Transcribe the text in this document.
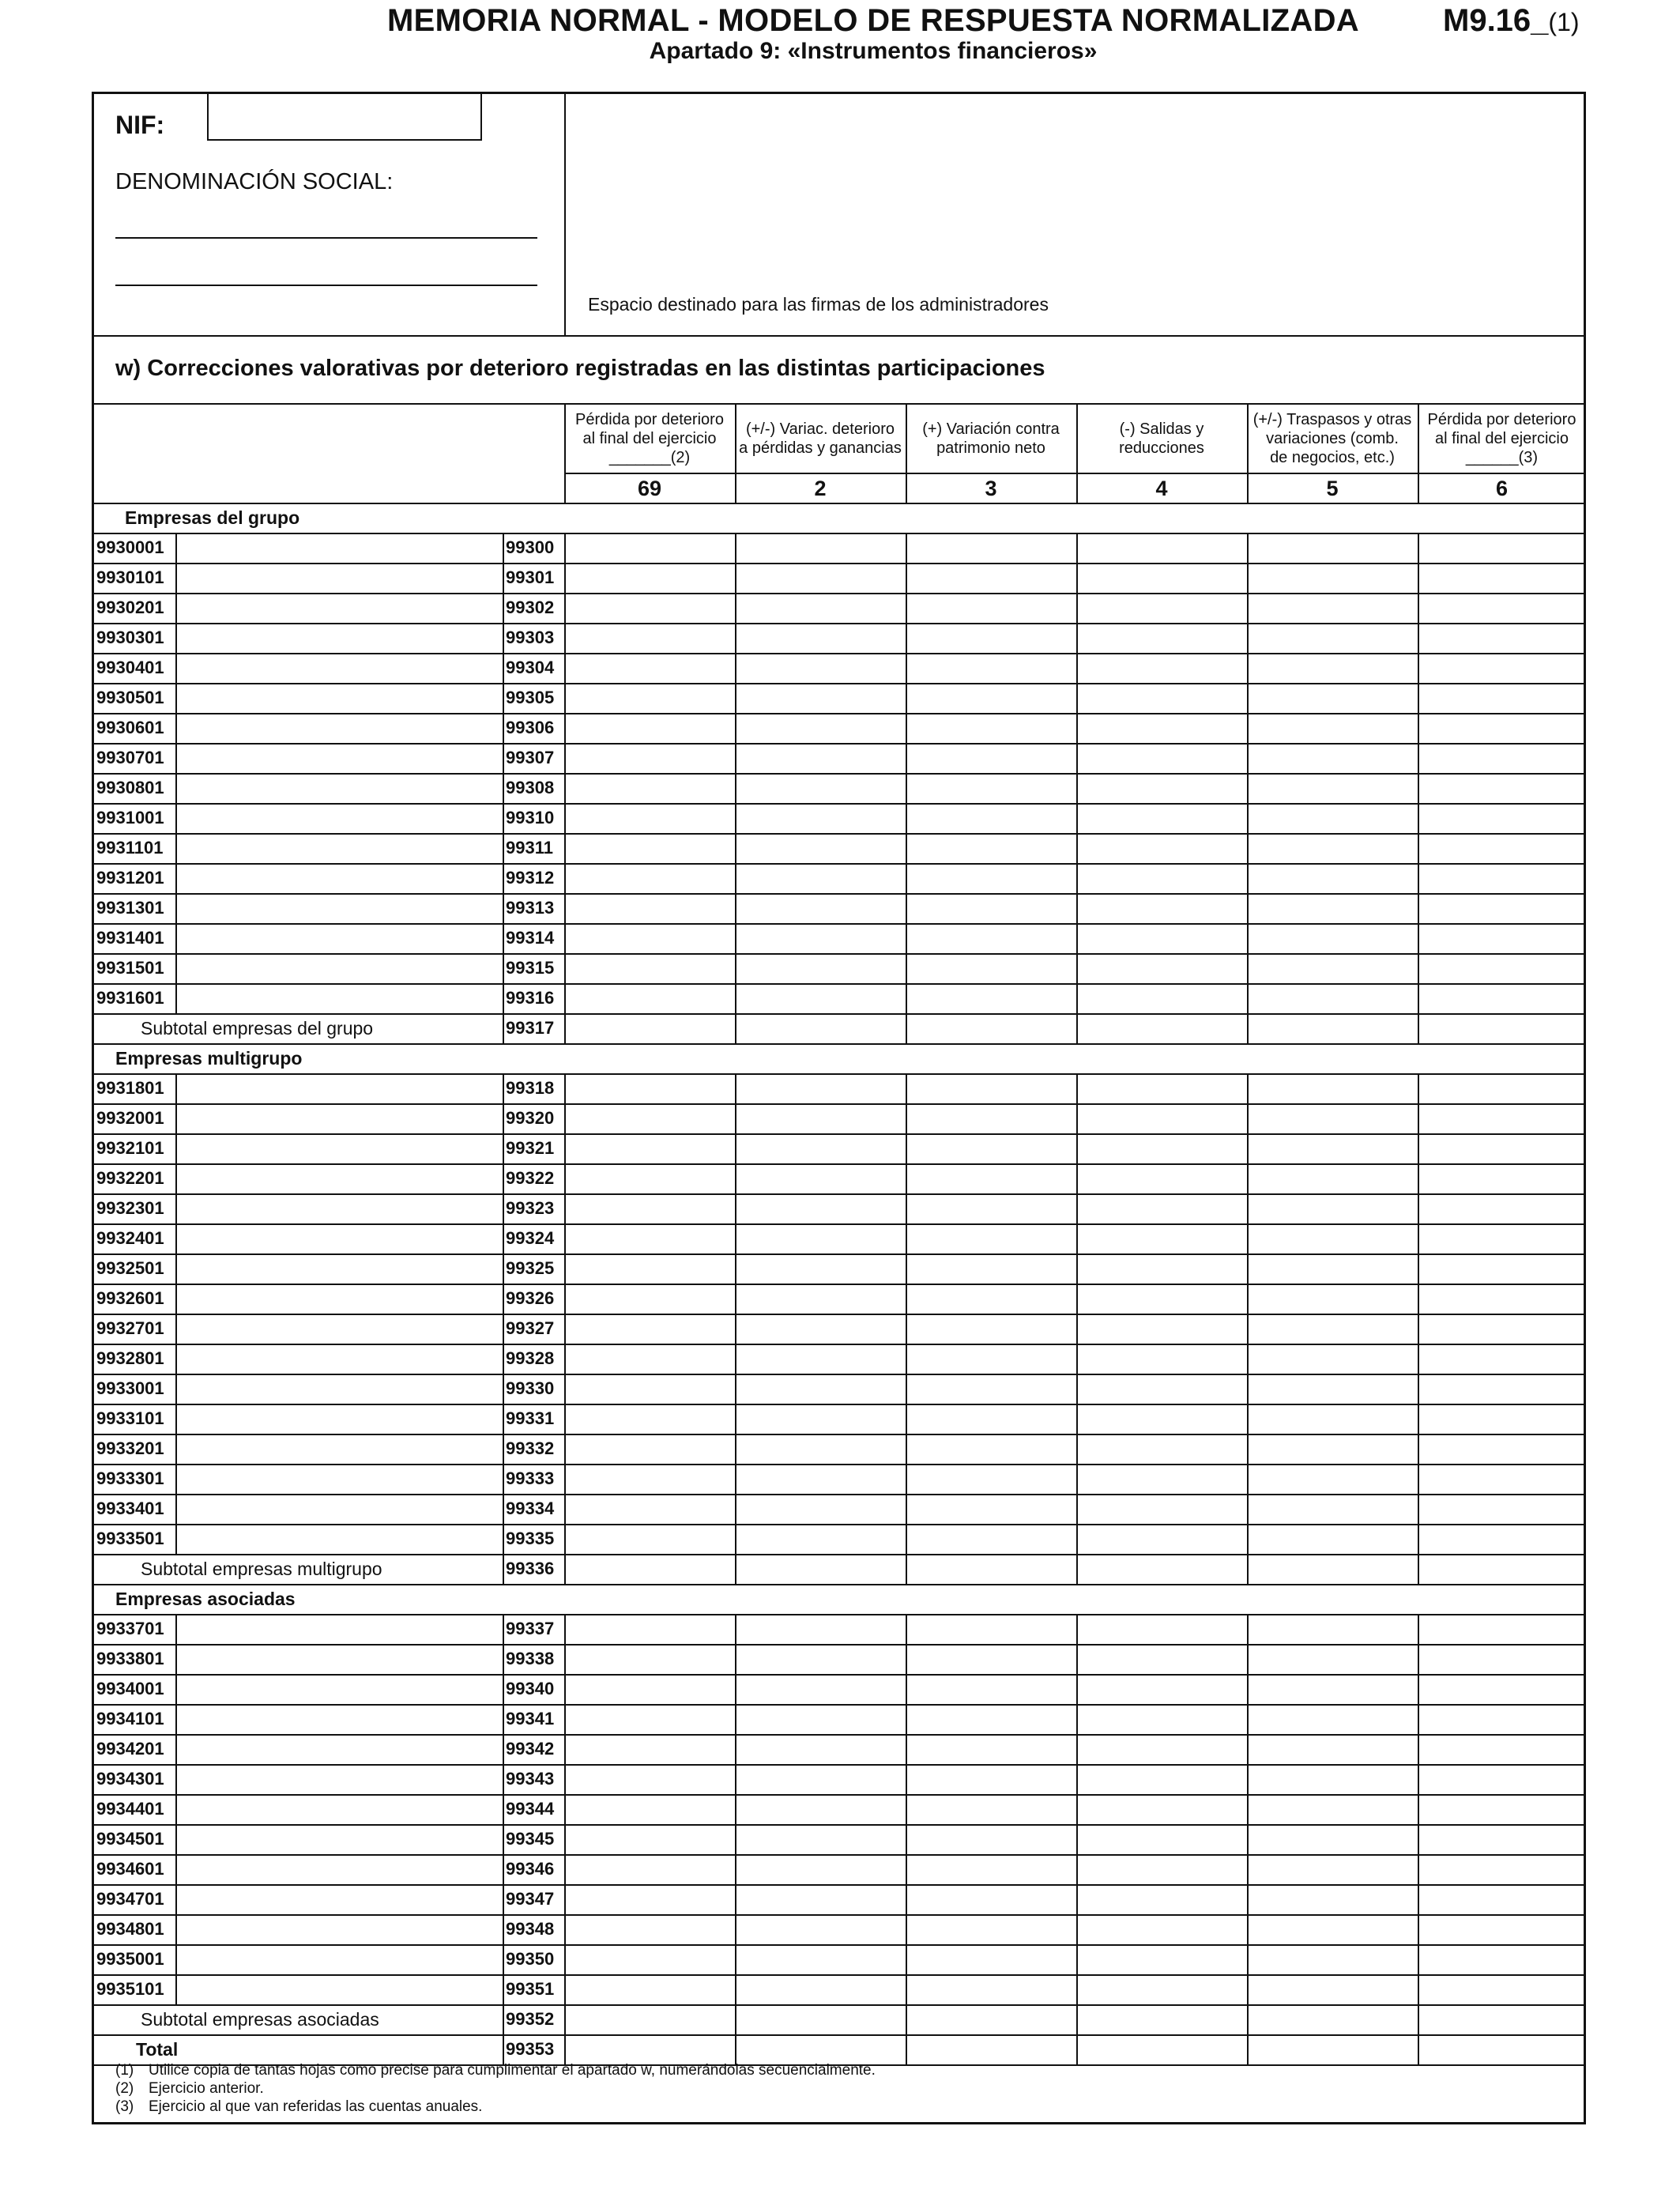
MEMORIA NORMAL - MODELO DE RESPUESTA NORMALIZADA
Apartado 9: «Instrumentos financieros»
M9.16_(1)
NIF:
DENOMINACIÓN SOCIAL:
Espacio destinado para las firmas de los administradores
w) Correcciones valorativas por deterioro registradas en las distintas participaciones
Pérdida por deterioro
al final del ejercicio
_______(2)
69
(+/-) Variac. deterioro
a pérdidas y ganancias
2
(+) Variación contra
patrimonio neto
3
(-) Salidas y
reducciones
4
(+/-) Traspasos y otras
variaciones (comb.
de negocios, etc.)
5
Pérdida por deterioro
al final del ejercicio
______(3)
6
Empresas del grupo
9930001	99300
9930101	99301
9930201	99302
9930301	99303
9930401	99304
9930501	99305
9930601	99306
9930701	99307
9930801	99308
9931001	99310
9931101	99311
9931201	99312
9931301	99313
9931401	99314
9931501	99315
9931601	99316
Subtotal empresas del grupo	99317
Empresas multigrupo
9931801	99318
9932001	99320
9932101	99321
9932201	99322
9932301	99323
9932401	99324
9932501	99325
9932601	99326
9932701	99327
9932801	99328
9933001	99330
9933101	99331
9933201	99332
9933301	99333
9933401	99334
9933501	99335
Subtotal empresas multigrupo	99336
Empresas asociadas
9933701	99337
9933801	99338
9934001	99340
9934101	99341
9934201	99342
9934301	99343
9934401	99344
9934501	99345
9934601	99346
9934701	99347
9934801	99348
9935001	99350
9935101	99351
Subtotal empresas asociadas	99352
Total	99353
(1) Utilice copia de tantas hojas como precise para cumplimentar el apartado w, numerándolas secuencialmente.
(2) Ejercicio anterior.
(3) Ejercicio al que van referidas las cuentas anuales.
